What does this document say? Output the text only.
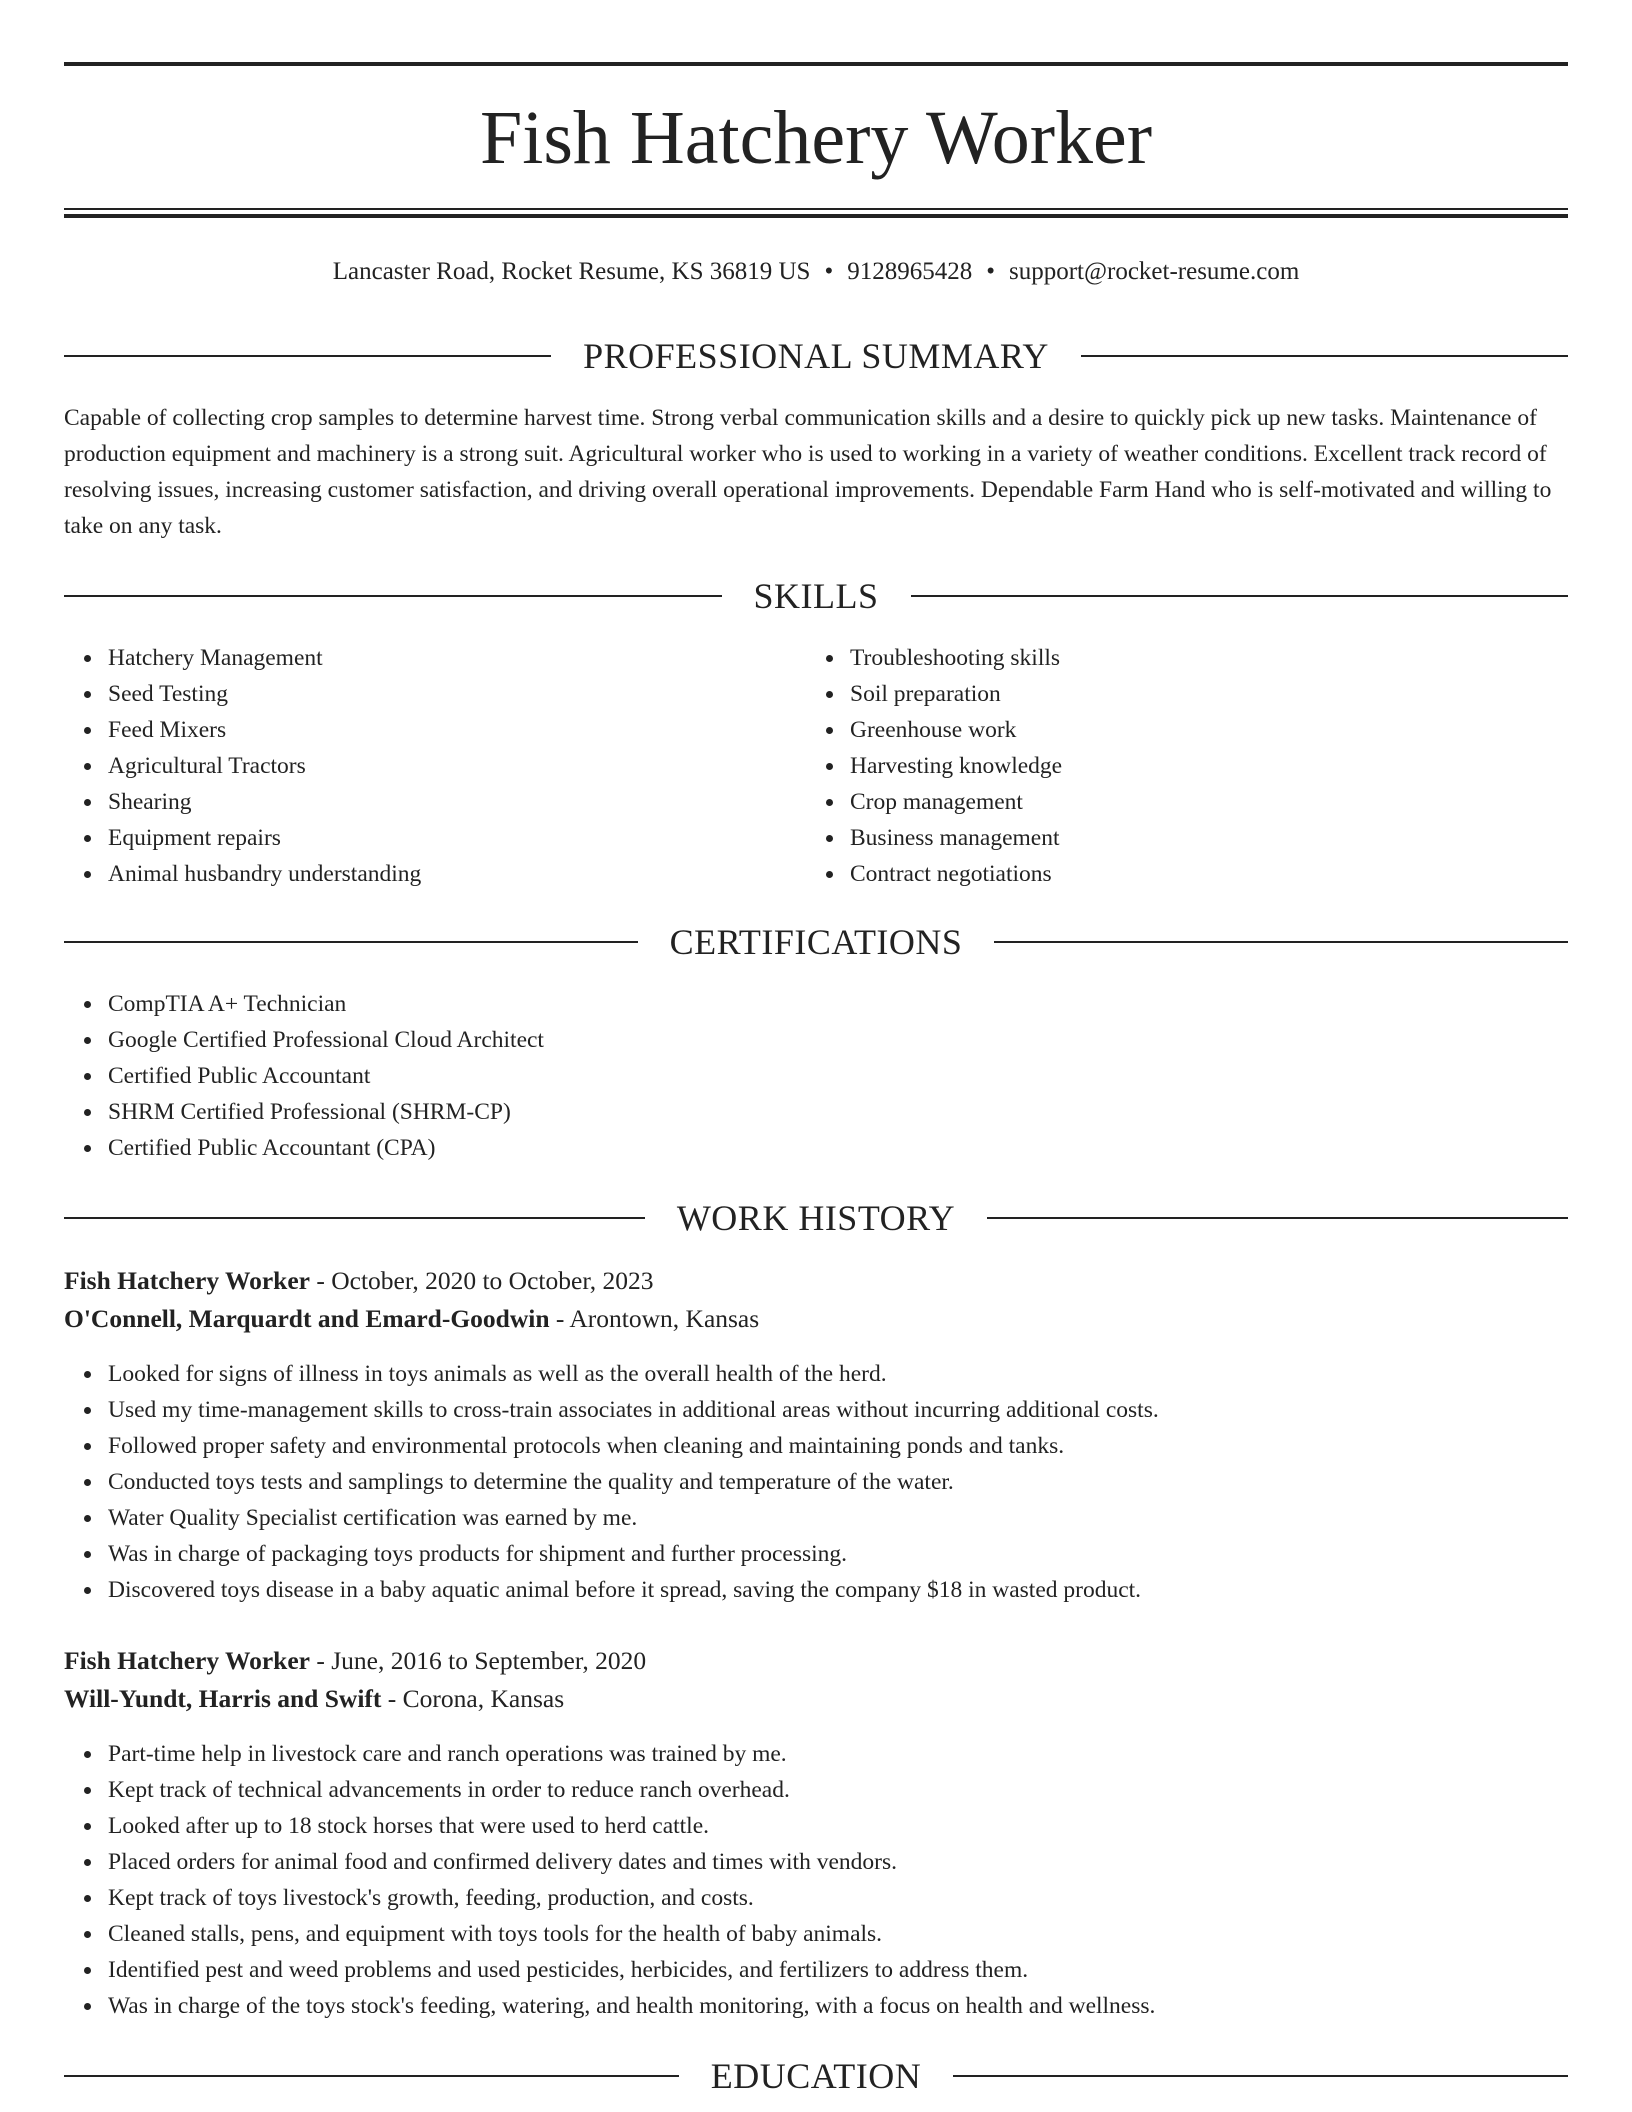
Fish Hatchery Worker
Lancaster Road, Rocket Resume, KS 36819 US • 9128965428 • support@rocket-resume.com
PROFESSIONAL SUMMARY

Capable of collecting crop samples to determine harvest time. Strong verbal communication skills and a desire to quickly pick up new tasks. Maintenance of production equipment and machinery is a strong suit. Agricultural worker who is used to working in a variety of weather conditions. Excellent track record of resolving issues, increasing customer satisfaction, and driving overall operational improvements. Dependable Farm Hand who is self-motivated and willing to take on any task.

SKILLS
Hatchery Management
Seed Testing
Feed Mixers
Agricultural Tractors
Shearing
Equipment repairs
Animal husbandry understanding
Troubleshooting skills
Soil preparation
Greenhouse work
Harvesting knowledge
Crop management
Business management
Contract negotiations
CERTIFICATIONS
CompTIA A+ Technician
Google Certified Professional Cloud Architect
Certified Public Accountant
SHRM Certified Professional (SHRM-CP)
Certified Public Accountant (CPA)
WORK HISTORY
Fish Hatchery Worker - October, 2020 to October, 2023
O'Connell, Marquardt and Emard-Goodwin - Arontown, Kansas
Looked for signs of illness in toys animals as well as the overall health of the herd.
Used my time-management skills to cross-train associates in additional areas without incurring additional costs.
Followed proper safety and environmental protocols when cleaning and maintaining ponds and tanks.
Conducted toys tests and samplings to determine the quality and temperature of the water.
Water Quality Specialist certification was earned by me.
Was in charge of packaging toys products for shipment and further processing.
Discovered toys disease in a baby aquatic animal before it spread, saving the company $18 in wasted product.
Fish Hatchery Worker - June, 2016 to September, 2020
Will-Yundt, Harris and Swift - Corona, Kansas
Part-time help in livestock care and ranch operations was trained by me.
Kept track of technical advancements in order to reduce ranch overhead.
Looked after up to 18 stock horses that were used to herd cattle.
Placed orders for animal food and confirmed delivery dates and times with vendors.
Kept track of toys livestock's growth, feeding, production, and costs.
Cleaned stalls, pens, and equipment with toys tools for the health of baby animals.
Identified pest and weed problems and used pesticides, herbicides, and fertilizers to address them.
Was in charge of the toys stock's feeding, watering, and health monitoring, with a focus on health and wellness.
EDUCATION
